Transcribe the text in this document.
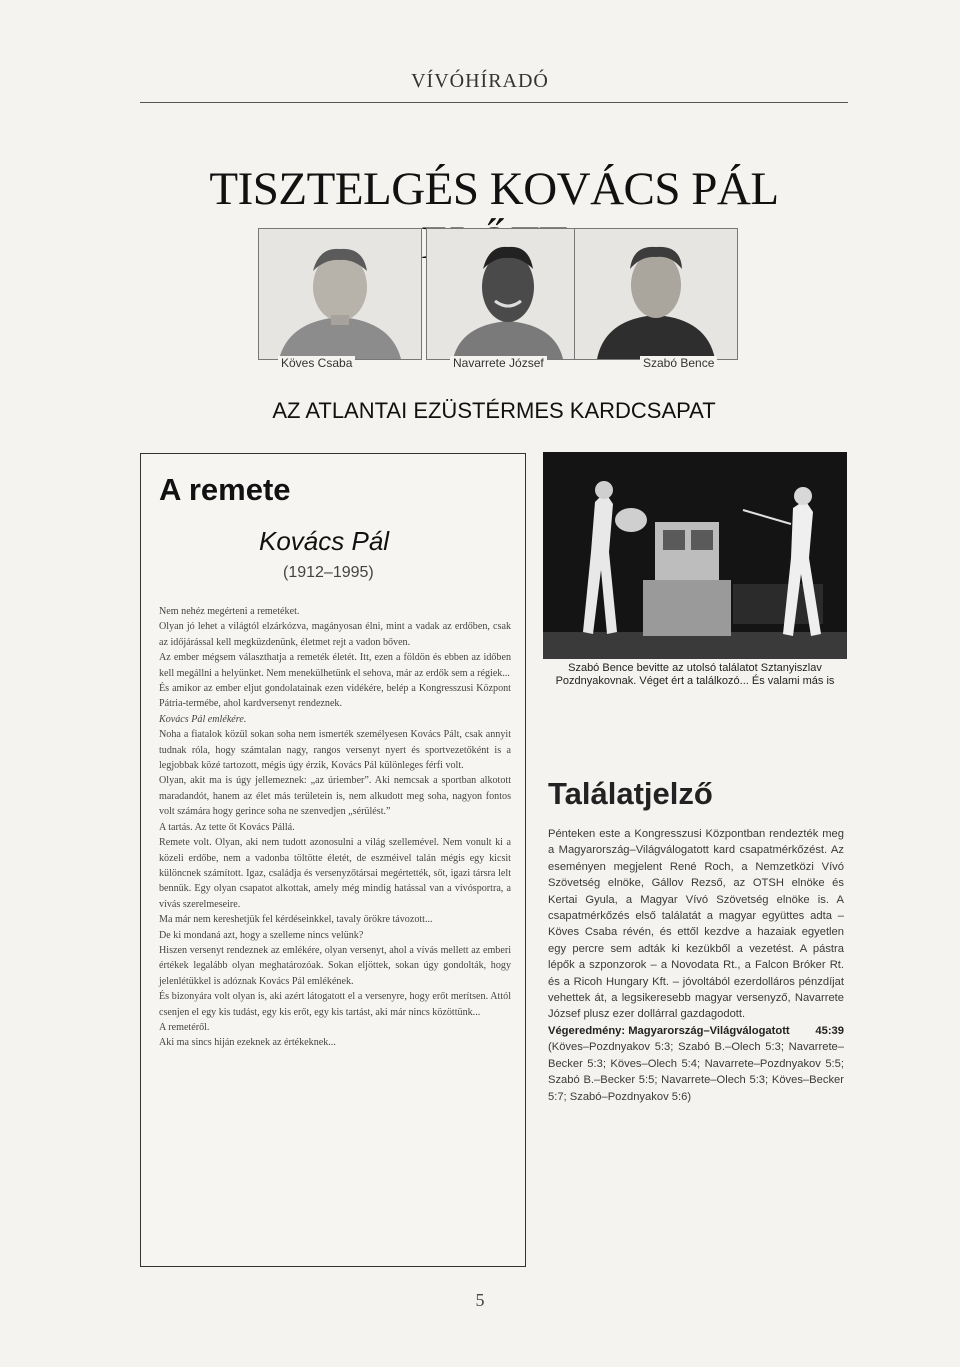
VÍVÓHÍRADÓ
TISZTELGÉS KOVÁCS PÁL
Köves Csaba	Navarrete József	Szabó Bence
AZ ATLANTAI EZÜSTÉRMES KARDCSAPAT
A remete
Kovács Pál
(1912–1995)

Nem nehéz megérteni a remetéket.

Olyan jó lehet a világtól elzárkózva, magányosan élni, mint a vadak az erdőben, csak az időjárással kell megküzdenünk, életmet rejt a vadon bőven.

Az ember mégsem választhatja a remeték életét. Itt, ezen a földön és ebben az időben kell megállni a helyünket. Nem menekülhetünk el sehova, már az erdők sem a régiek...

És amikor az ember eljut gondolatainak ezen vidékére, belép a Kongresszusi Központ Pátria-termébe, ahol kardversenyt rendeznek.

Kovács Pál emlékére.

Noha a fiatalok közül sokan soha nem ismerték személyesen Kovács Pált, csak annyit tudnak róla, hogy számtalan nagy, rangos versenyt nyert és sportvezetőként is a legjobbak közé tartozott, mégis úgy érzik, Kovács Pál különleges férfi volt.

Olyan, akit ma is úgy jellemeznek: „az úriember”. Aki nemcsak a sportban alkotott maradandót, hanem az élet más területein is, nem alkudott meg soha, nagyon fontos volt számára hogy gerince soha ne szenvedjen „sérülést.”

A tartás. Az tette őt Kovács Pállá.

Remete volt. Olyan, aki nem tudott azonosulni a világ szellemével. Nem vonult ki a közeli erdőbe, nem a vadonba töltötte életét, de eszméivel talán mégis egy kicsit különcnek számított. Igaz, családja és versenyzőtársai megértették, sőt, igazi társra lelt bennük. Egy olyan csapatot alkottak, amely még mindig hatással van a vívósportra, a vívás szerelmeseire.

Ma már nem kereshetjük fel kérdéseinkkel, tavaly örökre távozott...

De ki mondaná azt, hogy a szelleme nincs velünk?

Hiszen versenyt rendeznek az emlékére, olyan versenyt, ahol a vívás mellett az emberi értékek legalább olyan meghatározóak. Sokan eljöttek, sokan úgy gondolták, hogy jelenlétükkel is adóznak Kovács Pál emlékének.

És bizonyára volt olyan is, aki azért látogatott el a versenyre, hogy erőt merítsen. Attól csenjen el egy kis tudást, egy kis erőt, egy kis tartást, aki már nincs közöttünk...

A remetéről.

Aki ma sincs hiján ezeknek az értékeknek...

Szabó Bence bevitte az utolsó találatot Sztanyiszlav Pozdnyakovnak. Véget ért a találkozó... És valami más is
Találatjelző

Pénteken este a Kongresszusi Központban rendezték meg a Magyarország–Világválogatott kard csapatmérkőzést. Az eseményen megjelent René Roch, a Nemzetközi Vívó Szövetség elnöke, Gállov Rezső, az OTSH elnöke és Kertai Gyula, a Magyar Vívó Szövetség elnöke is. A csapatmérkőzés első találatát a magyar együttes adta – Köves Csaba révén, és ettől kezdve a hazaiak egyetlen egy percre sem adták ki kezükből a vezetést. A pástra lépők a szponzorok – a Novodata Rt., a Falcon Bróker Rt. és a Ricoh Hungary Kft. – jóvoltából ezerdolláros pénzdíjat vehettek át, a legsikeresebb magyar versenyző, Navarrete József plusz ezer dollárral gazdagodott.

Végeredmény: Magyarország–Világválogatott 45:39

(Köves–Pozdnyakov 5:3; Szabó B.–Olech 5:3; Navarrete–Becker 5:3; Köves–Olech 5:4; Navarrete–Pozdnyakov 5:5; Szabó B.–Becker 5:5; Navarrete–Olech 5:3; Köves–Becker 5:7; Szabó–Pozdnyakov 5:6)

5
